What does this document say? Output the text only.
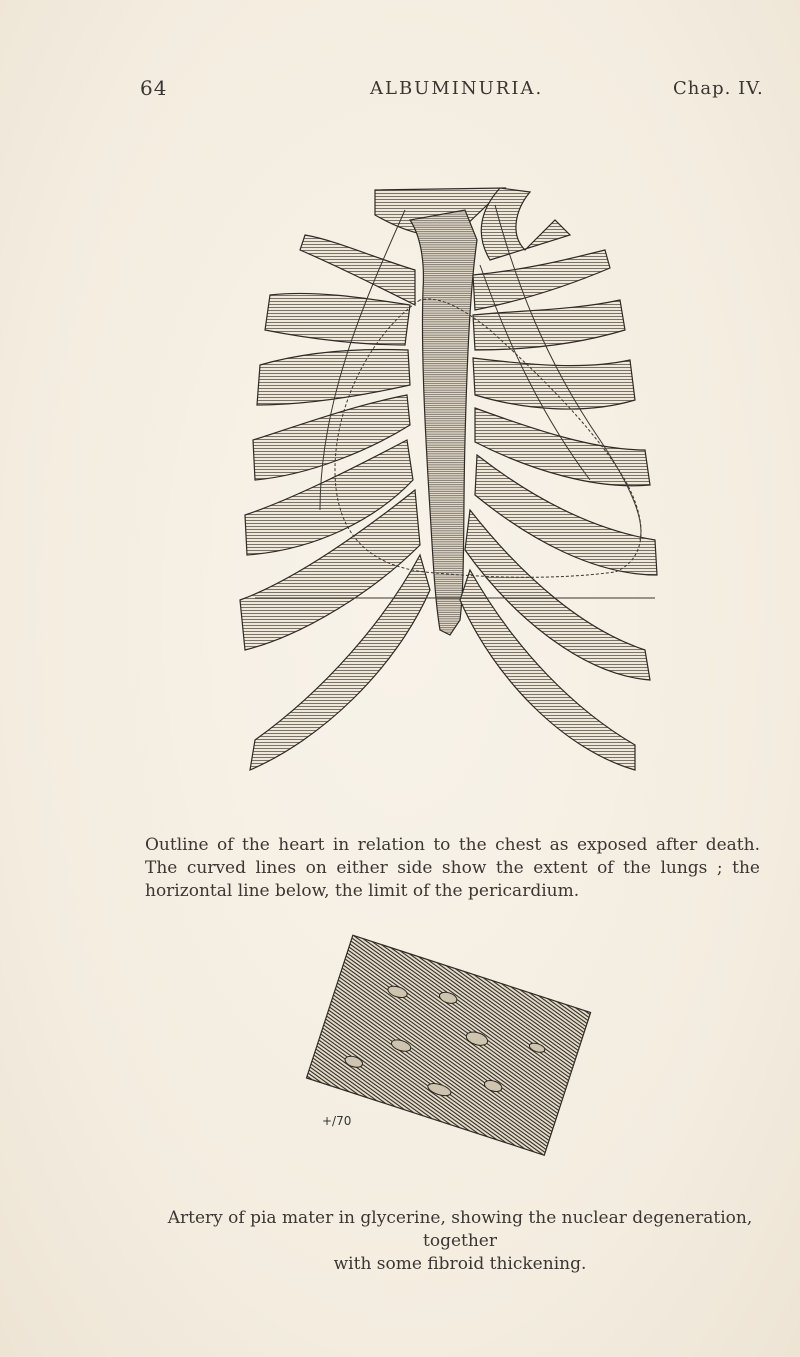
64	ALBUMINURIA.	Chap. IV.

Outline of the heart in relation to the chest as exposed after death. The curved lines on either side show the extent of the lungs ; the horizontal line below, the limit of the pericardium.

+/70

Artery of pia mater in glycerine, showing the nuclear degeneration, together
with some fibroid thickening.
